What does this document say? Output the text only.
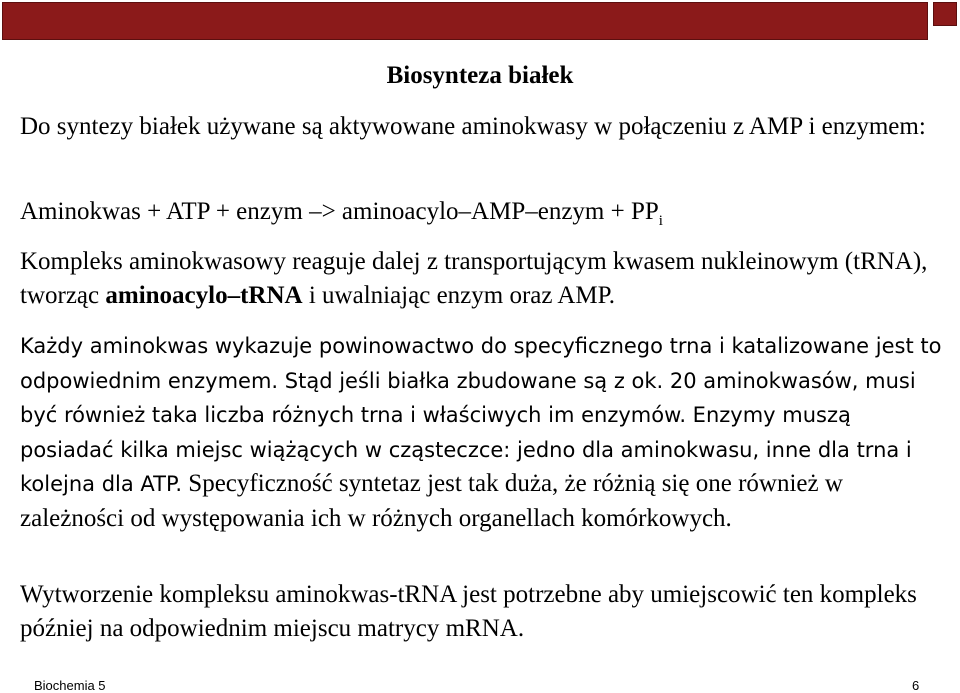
Biosynteza białek

Do syntezy białek używane są aktywowane aminokwasy w połączeniu z AMP i enzymem:

Aminokwas + ATP + enzym –> aminoacylo–AMP–enzym + $PP_i$

Kompleks aminokwasowy reaguje dalej z transportującym kwasem nukleinowym (tRNA), tworząc aminoacylo–tRNA i uwalniając enzym oraz AMP.

Każdy aminokwas wykazuje powinowactwo do specyficznego trna i katalizowane jest to odpowiednim enzymem. Stąd jeśli białka zbudowane są z ok. 20 aminokwasów, musi być również taka liczba różnych trna i właściwych im enzymów. Enzymy muszą posiadać kilka miejsc wiążących w cząsteczce: jedno dla aminokwasu, inne dla trna i kolejna dla ATP. Specyficzność syntetaz jest tak duża, że różnią się one również w zależności od występowania ich w różnych organellach komórkowych.

Wytworzenie kompleksu aminokwas-tRNA jest potrzebne aby umiejscowić ten kompleks później na odpowiednim miejscu matrycy mRNA.

Biochemia 5	6
